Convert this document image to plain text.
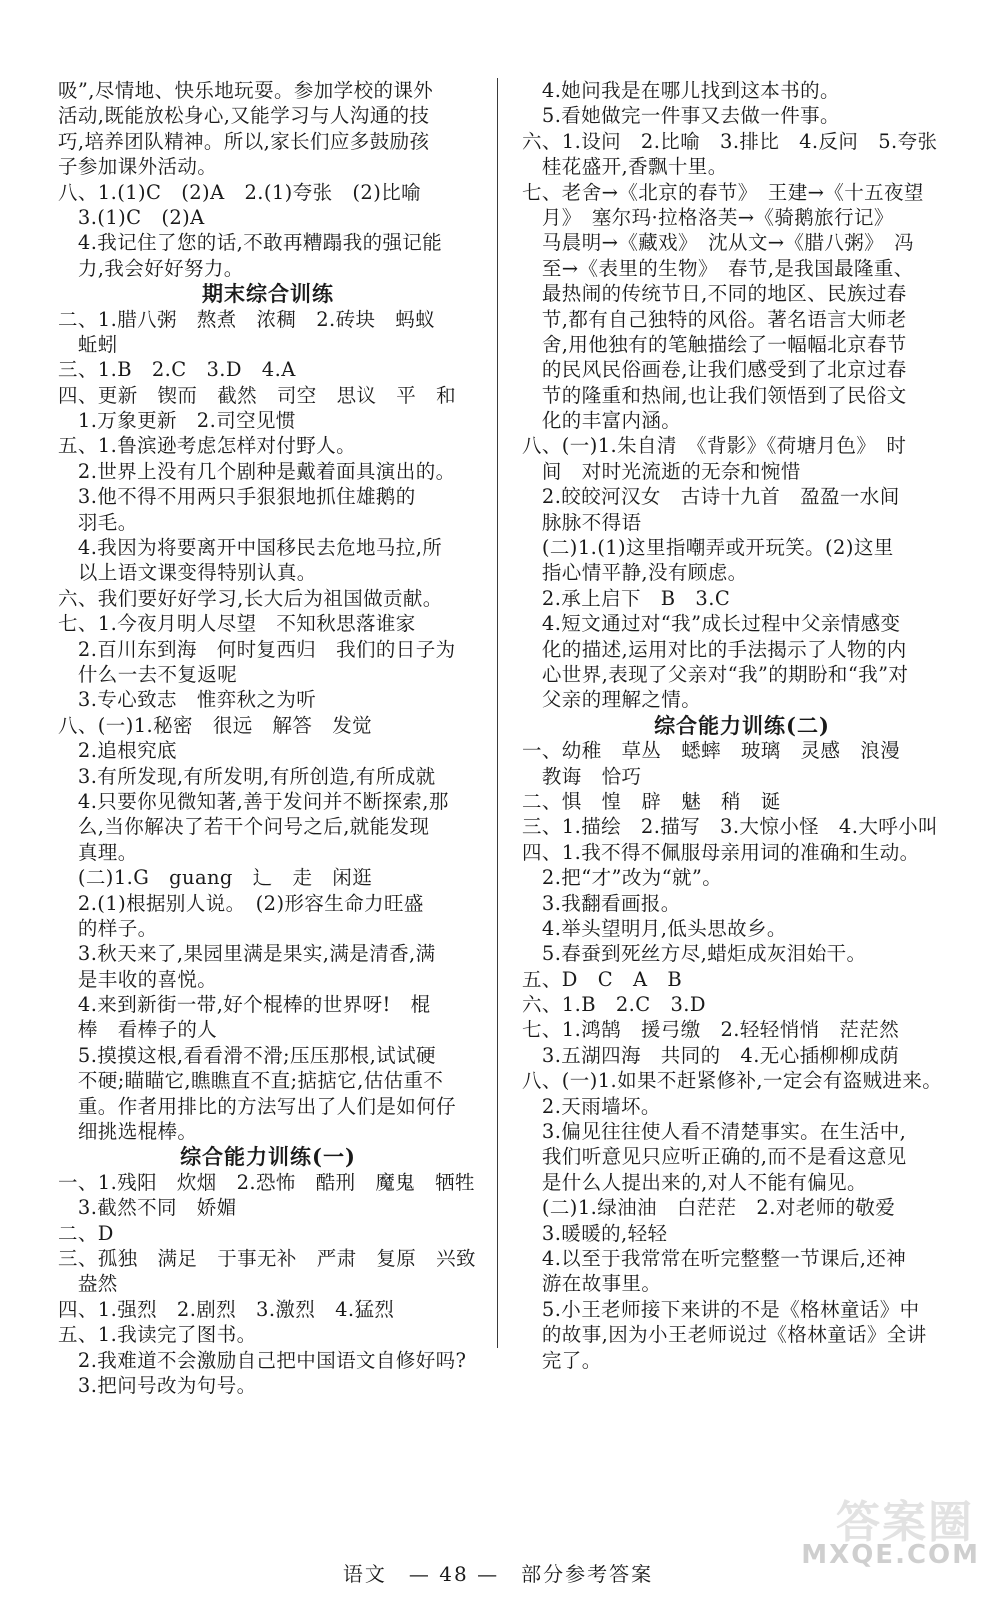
吸”,尽情地、快乐地玩耍。参加学校的课外
活动,既能放松身心,又能学习与人沟通的技
巧,培养团队精神。所以,家长们应多鼓励孩
子参加课外活动。
八、1.(1)C　(2)A　2.(1)夸张　(2)比喻
　3.(1)C　(2)A
　4.我记住了您的话,不敢再糟蹋我的强记能
　力,我会好好努力。
期末综合训练
二、1.腊八粥　熬煮　浓稠　2.砖块　蚂蚁
　蚯蚓
三、1.B　2.C　3.D　4.A
四、更新　锲而　截然　司空　思议　平　和
　1.万象更新　2.司空见惯
五、1.鲁滨逊考虑怎样对付野人。
　2.世界上没有几个剧种是戴着面具演出的。
　3.他不得不用两只手狠狠地抓住雄鹅的
　羽毛。
　4.我因为将要离开中国移民去危地马拉,所
　以上语文课变得特别认真。
六、我们要好好学习,长大后为祖国做贡献。
七、1.今夜月明人尽望　不知秋思落谁家
　2.百川东到海　何时复西归　我们的日子为
　什么一去不复返呢
　3.专心致志　惟弈秋之为听
八、(一)1.秘密　很远　解答　发觉
　2.追根究底
　3.有所发现,有所发明,有所创造,有所成就
　4.只要你见微知著,善于发问并不断探索,那
　么,当你解决了若干个问号之后,就能发现
　真理。
　(二)1.G　guang　辶　走　闲逛
　2.(1)根据别人说。　(2)形容生命力旺盛
　的样子。
　3.秋天来了,果园里满是果实,满是清香,满
　是丰收的喜悦。
　4.来到新街一带,好个棍棒的世界呀!　棍
　棒　看棒子的人
　5.摸摸这根,看看滑不滑;压压那根,试试硬
　不硬;瞄瞄它,瞧瞧直不直;掂掂它,估估重不
　重。作者用排比的方法写出了人们是如何仔
　细挑选棍棒。
综合能力训练(一)
一、1.残阳　炊烟　2.恐怖　酷刑　魔鬼　牺牲
　3.截然不同　娇媚
二、D
三、孤独　满足　于事无补　严肃　复原　兴致
　盎然
四、1.强烈　2.剧烈　3.激烈　4.猛烈
五、1.我读完了图书。
　2.我难道不会激励自己把中国语文自修好吗?
　3.把问号改为句号。
　4.她问我是在哪儿找到这本书的。
　5.看她做完一件事又去做一件事。
六、1.设问　2.比喻　3.排比　4.反问　5.夸张
　桂花盛开,香飘十里。
七、老舍→《北京的春节》　王建→《十五夜望
　月》　塞尔玛·拉格洛芙→《骑鹅旅行记》
　马晨明→《藏戏》　沈从文→《腊八粥》　冯
　至→《表里的生物》　春节,是我国最隆重、
　最热闹的传统节日,不同的地区、民族过春
　节,都有自己独特的风俗。著名语言大师老
　舍,用他独有的笔触描绘了一幅幅北京春节
　的民风民俗画卷,让我们感受到了北京过春
　节的隆重和热闹,也让我们领悟到了民俗文
　化的丰富内涵。
八、(一)1.朱自清　《背影》《荷塘月色》　时
　间　对时光流逝的无奈和惋惜
　2.皎皎河汉女　古诗十九首　盈盈一水间
　脉脉不得语
　(二)1.(1)这里指嘲弄或开玩笑。(2)这里
　指心情平静,没有顾虑。
　2.承上启下　B　3.C
　4.短文通过对“我”成长过程中父亲情感变
　化的描述,运用对比的手法揭示了人物的内
　心世界,表现了父亲对“我”的期盼和“我”对
　父亲的理解之情。
综合能力训练(二)
一、幼稚　草丛　蟋蟀　玻璃　灵感　浪漫
　教诲　恰巧
二、惧　惶　辟　魅　稍　诞
三、1.描绘　2.描写　3.大惊小怪　4.大呼小叫
四、1.我不得不佩服母亲用词的准确和生动。
　2.把“才”改为“就”。
　3.我翻看画报。
　4.举头望明月,低头思故乡。
　5.春蚕到死丝方尽,蜡炬成灰泪始干。
五、D　C　A　B
六、1.B　2.C　3.D
七、1.鸿鹄　援弓缴　2.轻轻悄悄　茫茫然
　3.五湖四海　共同的　4.无心插柳柳成荫
八、(一)1.如果不赶紧修补,一定会有盗贼进来。
　2.天雨墙坏。
　3.偏见往往使人看不清楚事实。在生活中,
　我们听意见只应听正确的,而不是看这意见
　是什么人提出来的,对人不能有偏见。
　(二)1.绿油油　白茫茫　2.对老师的敬爱
　3.暖暖的,轻轻
　4.以至于我常常在听完整整一节课后,还神
　游在故事里。
　5.小王老师接下来讲的不是《格林童话》中
　的故事,因为小王老师说过《格林童话》全讲
　完了。
语文　— 48 —　部分参考答案
答案圈
MXQE.COM
